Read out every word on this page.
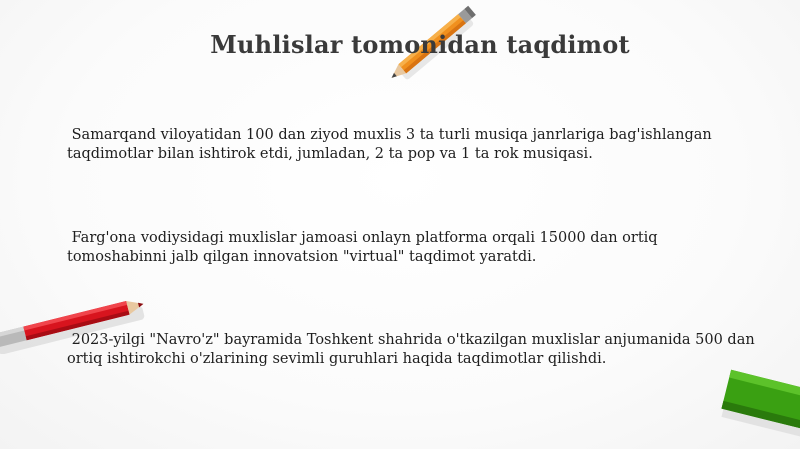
Muhlislar tomonidan taqdimot
Samarqand viloyatidan 100 dan ziyod muxlis 3 ta turli musiqa janrlariga bag'ishlangan taqdimotlar bilan ishtirok etdi, jumladan, 2 ta pop va 1 ta rok musiqasi.
Farg'ona vodiysidagi muxlislar jamoasi onlayn platforma orqali 15000 dan ortiq tomoshabinni jalb qilgan innovatsion "virtual" taqdimot yaratdi.
2023-yilgi "Navro'z" bayramida Toshkent shahrida o'tkazilgan muxlislar anjumanida 500 dan ortiq ishtirokchi o'zlarining sevimli guruhlari haqida taqdimotlar qilishdi.
